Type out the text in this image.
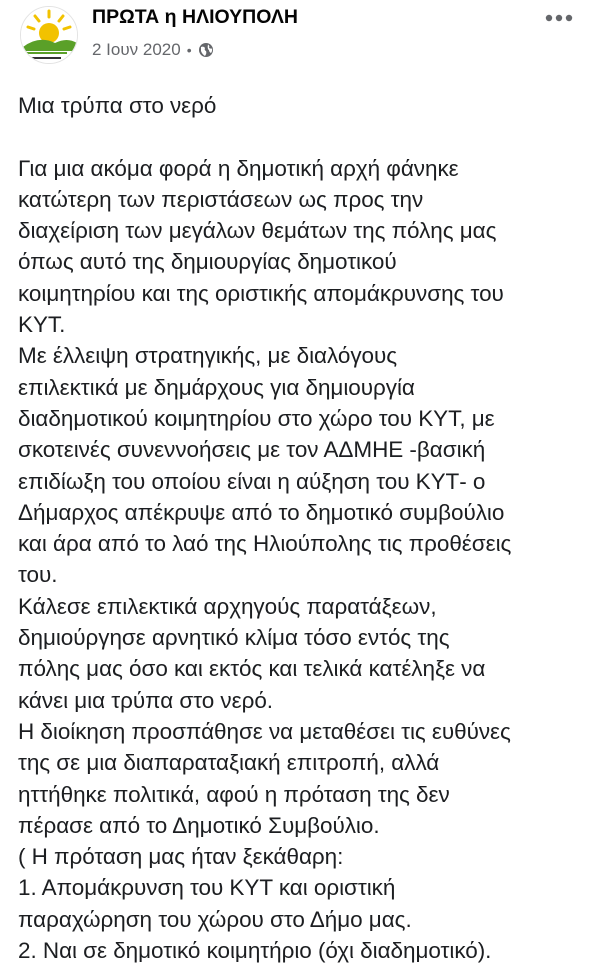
ΠΡΩΤΑ η ΗΛΙΟΥΠΟΛΗ
2 Ιουν 2020 •
Μια τρύπα στο νερό
Για μια ακόμα φορά η δημοτική αρχή φάνηκε
κατώτερη των περιστάσεων ως προς την
διαχείριση των μεγάλων θεμάτων της πόλης μας
όπως αυτό της δημιουργίας δημοτικού
κοιμητηρίου και της οριστικής απομάκρυνσης του
ΚΥΤ.
Με έλλειψη στρατηγικής, με διαλόγους
επιλεκτικά με δημάρχους για δημιουργία
διαδημοτικού κοιμητηρίου στο χώρο του ΚΥΤ, με
σκοτεινές συνεννοήσεις με τον ΑΔΜΗΕ -βασική
επιδίωξη του οποίου είναι η αύξηση του ΚΥΤ- ο
Δήμαρχος απέκρυψε από το δημοτικό συμβούλιο
και άρα από το λαό της Ηλιούπολης τις προθέσεις
του.
Κάλεσε επιλεκτικά αρχηγούς παρατάξεων,
δημιούργησε αρνητικό κλίμα τόσο εντός της
πόλης μας όσο και εκτός και τελικά κατέληξε να
κάνει μια τρύπα στο νερό.
Η διοίκηση προσπάθησε να μεταθέσει τις ευθύνες
της σε μια διαπαραταξιακή επιτροπή, αλλά
ηττήθηκε πολιτικά, αφού η πρόταση της δεν
πέρασε από το Δημοτικό Συμβούλιο.
( Η πρόταση μας ήταν ξεκάθαρη:
1. Απομάκρυνση του ΚΥΤ και οριστική
παραχώρηση του χώρου στο Δήμο μας.
2. Ναι σε δημοτικό κοιμητήριο (όχι διαδημοτικό).
